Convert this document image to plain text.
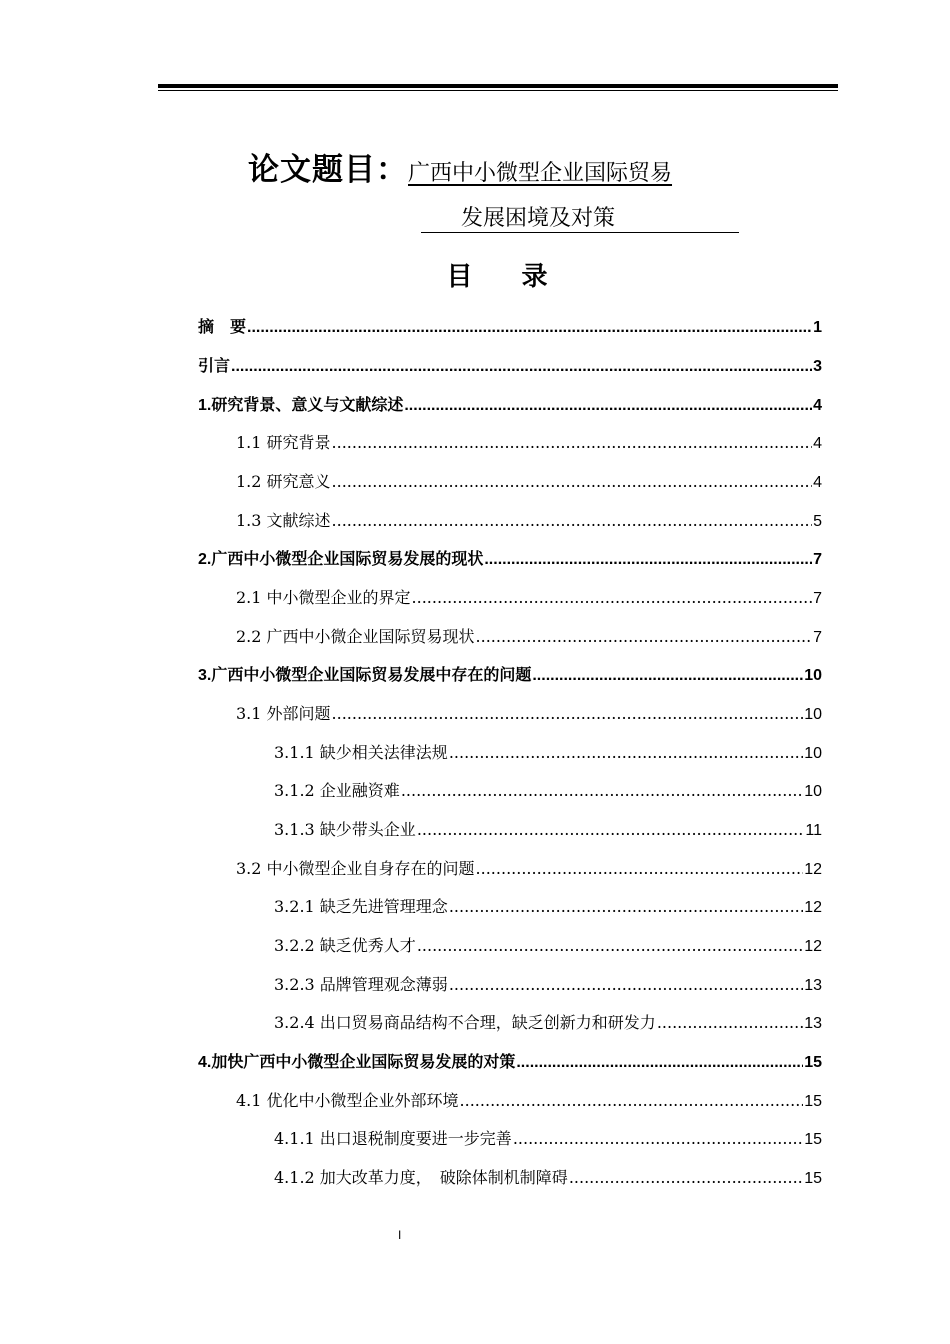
论文题目：广西中小微型企业国际贸易
发展困境及对策
目 录
摘　要 .....	1
引言 .....	3
1.研究背景、意义与文献综述 .....	4
1.1 研究背景 .....	4
1.2 研究意义 .....	4
1.3 文献综述 .....	5
2.广西中小微型企业国际贸易发展的现状 .....	7
2.1 中小微型企业的界定 .....	7
2.2 广西中小微企业国际贸易现状 .....	7
3.广西中小微型企业国际贸易发展中存在的问题 .....	10
3.1 外部问题 .....	10
3.1.1 缺少相关法律法规 .....	10
3.1.2 企业融资难 .....	10
3.1.3 缺少带头企业 .....	11
3.2 中小微型企业自身存在的问题 .....	12
3.2.1 缺乏先进管理理念 .....	12
3.2.2 缺乏优秀人才 .....	12
3.2.3 品牌管理观念薄弱 .....	13
3.2.4 出口贸易商品结构不合理，缺乏创新力和研发力 .....	13
4.加快广西中小微型企业国际贸易发展的对策 .....	15
4.1 优化中小微型企业外部环境 .....	15
4.1.1 出口退税制度要进一步完善 .....	15
4.1.2 加大改革力度，　破除体制机制障碍 .....	15
I
